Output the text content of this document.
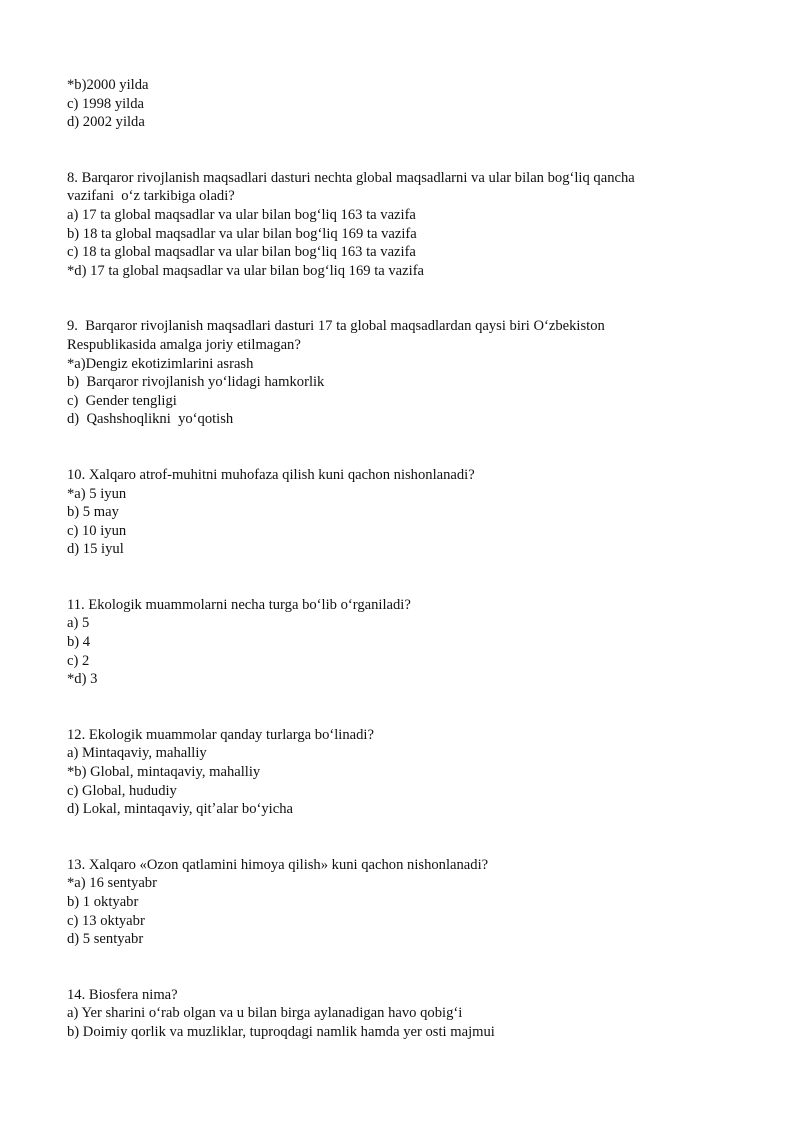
*b)2000 yilda
c) 1998 yilda
d) 2002 yilda
8. Barqaror rivojlanish maqsadlari dasturi nechta global maqsadlarni va ular bilan bogʻliq qancha
vazifani  oʻz tarkibiga oladi?
a) 17 ta global maqsadlar va ular bilan bogʻliq 163 ta vazifa
b) 18 ta global maqsadlar va ular bilan bogʻliq 169 ta vazifa
c) 18 ta global maqsadlar va ular bilan bogʻliq 163 ta vazifa
*d) 17 ta global maqsadlar va ular bilan bogʻliq 169 ta vazifa
9.  Barqaror rivojlanish maqsadlari dasturi 17 ta global maqsadlardan qaysi biri Oʻzbekiston
Respublikasida amalga joriy etilmagan?
*a)Dengiz ekotizimlarini asrash
b)  Barqaror rivojlanish yoʻlidagi hamkorlik
c)  Gender tengligi
d)  Qashshoqlikni  yoʻqotish
10. Xalqaro atrof-muhitni muhofaza qilish kuni qachon nishonlanadi?
*a) 5 iyun
b) 5 may
c) 10 iyun
d) 15 iyul
11. Ekologik muammolarni necha turga boʻlib oʻrganiladi?
a) 5
b) 4
c) 2
*d) 3
12. Ekologik muammolar qanday turlarga boʻlinadi?
a) Mintaqaviy, mahalliy
*b) Global, mintaqaviy, mahalliy
c) Global, hududiy
d) Lokal, mintaqaviy, qitʼalar boʻyicha
13. Xalqaro «Ozon qatlamini himoya qilish» kuni qachon nishonlanadi?
*a) 16 sentyabr
b) 1 oktyabr
c) 13 oktyabr
d) 5 sentyabr
14. Biosfera nima?
a) Yer sharini oʻrab olgan va u bilan birga aylanadigan havo qobigʻi
b) Doimiy qorlik va muzliklar, tuproqdagi namlik hamda yer osti majmui
